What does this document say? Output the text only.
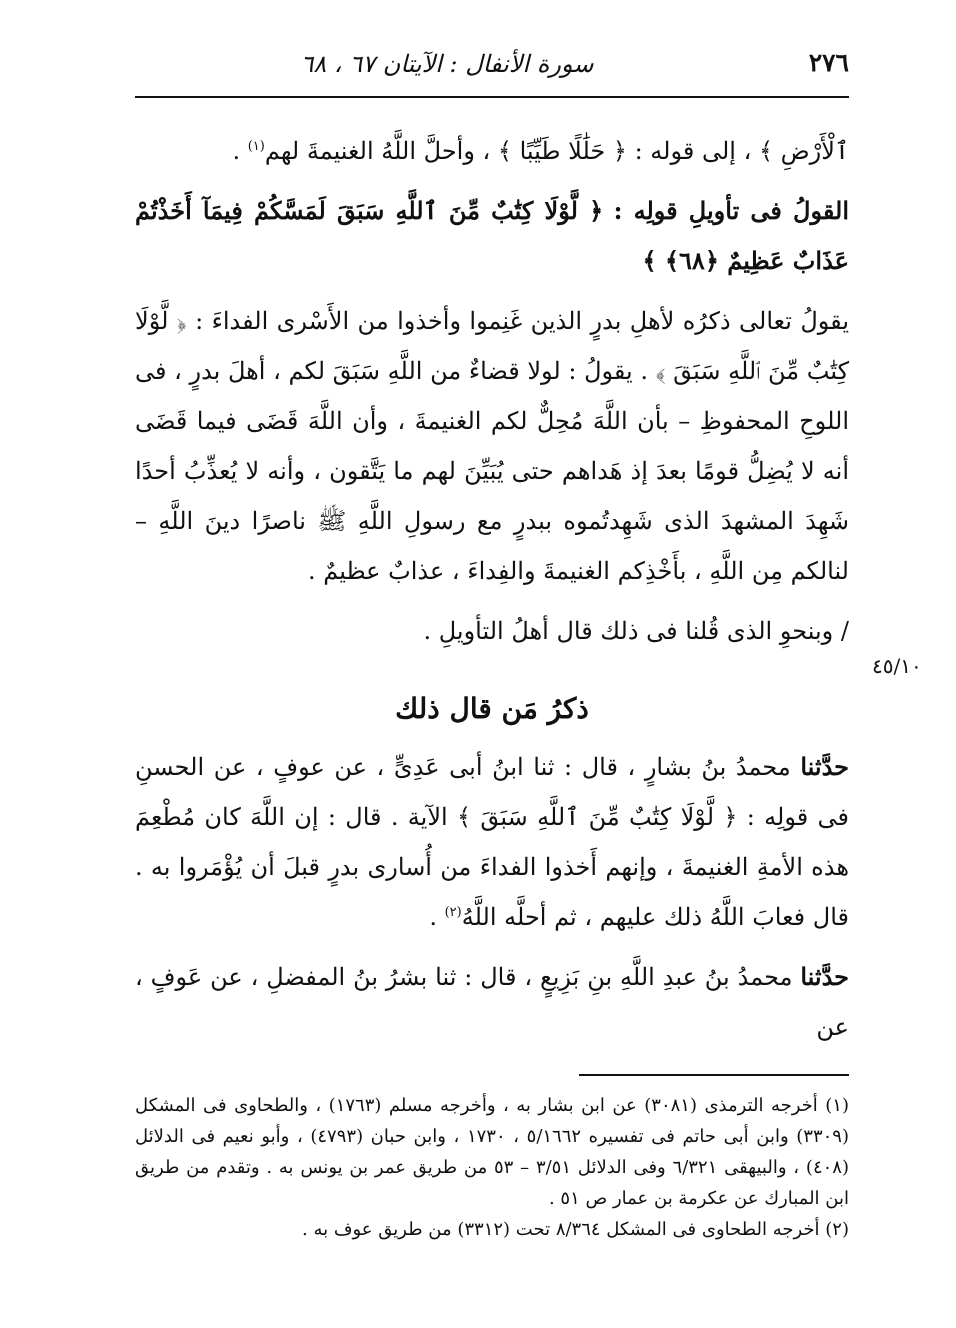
٢٧٦
سورة الأنفال : الآيتان ٦٧ ، ٦٨

ٱلْأَرْضِ ﴾ ، إلى قوله : ﴿ حَلَٰلًا طَيِّبًا ﴾ ، وأحلَّ اللَّهُ الغنيمةَ لهم$^{(١)}$ .

القولُ فى تأويلِ قولِه : ﴿ لَّوْلَا كِتَٰبٌ مِّنَ ٱللَّهِ سَبَقَ لَمَسَّكُمْ فِيمَآ أَخَذْتُمْ عَذَابٌ عَظِيمٌ ﴿٦٨﴾ ﴾

يقولُ تعالى ذكرُه لأهلِ بدرٍ الذين غَنِموا وأخذوا من الأَسْرى الفداءَ : ﴿ لَّوْلَا كِتَٰبٌ مِّنَ ٱللَّهِ سَبَقَ ﴾ . يقولُ : لولا قضاءٌ من اللَّهِ سَبَقَ لكم ، أهلَ بدرٍ ، فى اللوحِ المحفوظِ – بأن اللَّهَ مُحِلٌّ لكم الغنيمةَ ، وأن اللَّهَ قَضَى فيما قَضَى أنه لا يُضِلُّ قومًا بعدَ إذ هَداهم حتى يُبَيِّنَ لهم ما يَتَّقون ، وأنه لا يُعذِّبُ أحدًا شَهِدَ المشهدَ الذى شَهِدتُموه ببدرٍ مع رسولِ اللَّهِ ﷺ ناصرًا دينَ اللَّهِ – لنالكم مِن اللَّهِ ، بأَخْذِكم الغنيمةَ والفِداءَ ، عذابٌ عظيمٌ .

/ وبنحوِ الذى قُلنا فى ذلك قال أهلُ التأويلِ .

ذكرُ مَن قال ذلك

حدَّثنا محمدُ بنُ بشارٍ ، قال : ثنا ابنُ أبى عَدِىٍّ ، عن عوفٍ ، عن الحسنِ فى قولِه : ﴿ لَّوْلَا كِتَٰبٌ مِّنَ ٱللَّهِ سَبَقَ ﴾ الآية . قال : إن اللَّهَ كان مُطْعِمَ هذه الأمةِ الغنيمةَ ، وإنهم أَخذوا الفداءَ من أُسارى بدرٍ قبلَ أن يُؤْمَروا به . قال فعابَ اللَّهُ ذلك عليهم ، ثم أحلَّه اللَّهُ$^{(٢)}$ .

حدَّثنا محمدُ بنُ عبدِ اللَّهِ بنِ بَزِيعٍ ، قال : ثنا بشرُ بنُ المفضلِ ، عن عَوفٍ ، عن

٤٥/١٠

(١) أخرجه الترمذى (٣٠٨١) عن ابن بشار به ، وأخرجه مسلم (١٧٦٣) ، والطحاوى فى المشكل (٣٣٠٩) وابن أبى حاتم فى تفسيره ٥/١٦٦٢ ، ١٧٣٠ ، وابن حبان (٤٧٩٣) ، وأبو نعيم فى الدلائل (٤٠٨) ، والبيهقى ٦/٣٢١ وفى الدلائل ٣/٥١ – ٥٣ من طريق عمر بن يونس به . وتقدم من طريق ابن المبارك عن عكرمة بن عمار ص ٥١ .

(٢) أخرجه الطحاوى فى المشكل ٨/٣٦٤ تحت (٣٣١٢) من طريق عوف به .
